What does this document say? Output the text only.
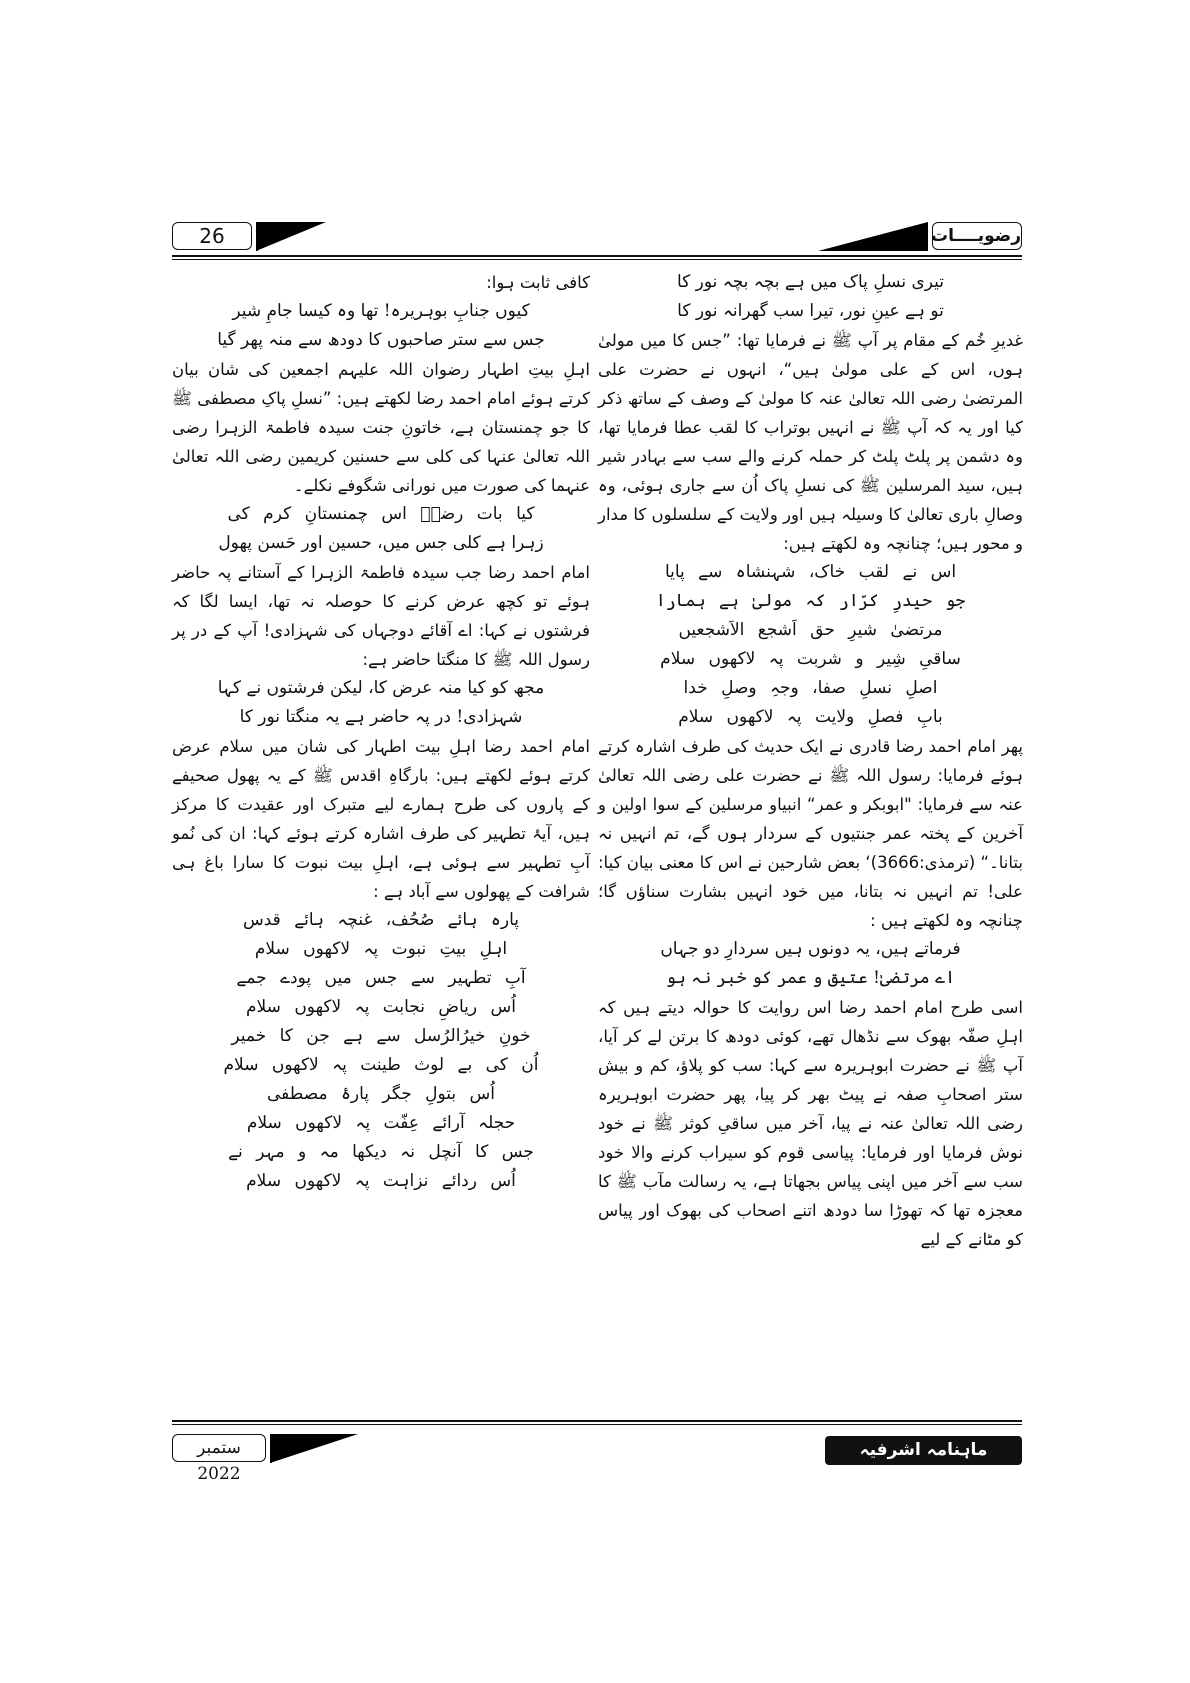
26	رضویــــات

تیری نسلِ پاک میں ہے بچہ بچہ نور کا

تو ہے عینِ نور، تیرا سب گھرانہ نور کا

غدیرِ خُم کے مقام پر آپ ﷺ نے فرمایا تھا: ”جس کا میں مولیٰ ہوں، اس کے علی مولیٰ ہیں“، انہوں نے حضرت علی المرتضیٰ رضی اللہ تعالیٰ عنہ کا مولیٰ کے وصف کے ساتھ ذکر کیا اور یہ کہ آپ ﷺ نے انہیں بوتراب کا لقب عطا فرمایا تھا، وہ دشمن پر پلٹ پلٹ کر حملہ کرنے والے سب سے بہادر شیر ہیں، سید المرسلین ﷺ کی نسلِ پاک اُن سے جاری ہوئی، وہ وصالِ باری تعالیٰ کا وسیلہ ہیں اور ولایت کے سلسلوں کا مدار و محور ہیں؛ چنانچہ وہ لکھتے ہیں:

اس نے لقب خاک، شہنشاہ سے پایا

جو حیدرِ کرّار کہ مولیٰ ہے ہمارا

مرتضیٰ شیرِ حق اَشجع الاَشجعیں

ساقیِ شِیر و شربت پہ لاکھوں سلام

اصلِ نسلِ صفا، وجہِ وصلِ خدا

بابِ فصلِ ولایت پہ لاکھوں سلام

پھر امام احمد رضا قادری نے ایک حدیث کی طرف اشارہ کرتے ہوئے فرمایا: رسول اللہ ﷺ نے حضرت علی رضی اللہ تعالیٰ عنہ سے فرمایا: "ابوبکر و عمر“ انبیاو مرسلین کے سوا اولین و آخرین کے پختہ عمر جنتیوں کے سردار ہوں گے، تم انہیں نہ بتانا۔“ (ترمذی:3666)‘ بعض شارحین نے اس کا معنی بیان کیا: علی! تم انہیں نہ بتانا، میں خود انہیں بشارت سناؤں گا؛ چنانچہ وہ لکھتے ہیں :

فرماتے ہیں، یہ دونوں ہیں سردارِ دو جہاں

اے مرتضیٰ! عتیق و عمر کو خبر نہ ہو

اسی طرح امام احمد رضا اس روایت کا حوالہ دیتے ہیں کہ اہلِ صفّہ بھوک سے نڈھال تھے، کوئی دودھ کا برتن لے کر آیا، آپ ﷺ نے حضرت ابوہریرہ سے کہا: سب کو پلاؤ، کم و بیش ستر اصحابِ صفہ نے پیٹ بھر کر پیا، پھر حضرت ابوہریرہ رضی اللہ تعالیٰ عنہ نے پیا، آخر میں ساقیِ کوثر ﷺ نے خود نوش فرمایا اور فرمایا: پیاسی قوم کو سیراب کرنے والا خود سب سے آخر میں اپنی پیاس بجھاتا ہے، یہ رسالت مآب ﷺ کا معجزہ تھا کہ تھوڑا سا دودھ اتنے اصحاب کی بھوک اور پیاس کو مٹانے کے لیے

کافی ثابت ہوا:

کیوں جنابِ بوہریرہ! تھا وہ کیسا جامِ شیر

جس سے ستر صاحبوں کا دودھ سے منہ پھر گیا

اہلِ بیتِ اطہار رضوان اللہ علیہم اجمعین کی شان بیان کرتے ہوئے امام احمد رضا لکھتے ہیں: ”نسلِ پاکِ مصطفی ﷺ کا جو چمنستان ہے، خاتونِ جنت سیدہ فاطمۃ الزہرا رضی اللہ تعالیٰ عنہا کی کلی سے حسنین کریمین رضی اللہ تعالیٰ عنہما کی صورت میں نورانی شگوفے نکلے۔

کیا بات رضاؔ اس چمنستانِ کرم کی

زہرا ہے کلی جس میں، حسین اور حَسن پھول

امام احمد رضا جب سیدہ فاطمۃ الزہرا کے آستانے پہ حاضر ہوئے تو کچھ عرض کرنے کا حوصلہ نہ تھا، ایسا لگا کہ فرشتوں نے کہا: اے آقائے دوجہاں کی شہزادی! آپ کے در پر رسول اللہ ﷺ کا منگتا حاضر ہے:

مجھ کو کیا منہ عرض کا، لیکن فرشتوں نے کہا

شہزادی! در پہ حاضر ہے یہ منگتا نور کا

امام احمد رضا اہلِ بیت اطہار کی شان میں سلام عرض کرتے ہوئے لکھتے ہیں: بارگاہِ اقدس ﷺ کے یہ پھول صحیفے کے پاروں کی طرح ہمارے لیے متبرک اور عقیدت کا مرکز ہیں، آیۂ تطہیر کی طرف اشارہ کرتے ہوئے کہا: ان کی نُمو آبِ تطہیر سے ہوئی ہے، اہلِ بیت نبوت کا سارا باغ ہی شرافت کے پھولوں سے آباد ہے :

پارہ ہائے صُحُف، غنچہ ہائے قدس

اہلِ بیتِ نبوت پہ لاکھوں سلام

آبِ تطہیر سے جس میں پودے جمے

اُس ریاضِ نجابت پہ لاکھوں سلام

خونِ خیرُالرُسل سے ہے جن کا خمیر

اُن کی بے لوث طینت پہ لاکھوں سلام

اُس بتولِ جگر پارۂ مصطفی

حجلہ آرائے عِفّت پہ لاکھوں سلام

جس کا آنچل نہ دیکھا مہ و مہر نے

اُس ردائے نزاہت پہ لاکھوں سلام

ستمبر 2022
ماہنامہ اشرفیہ
